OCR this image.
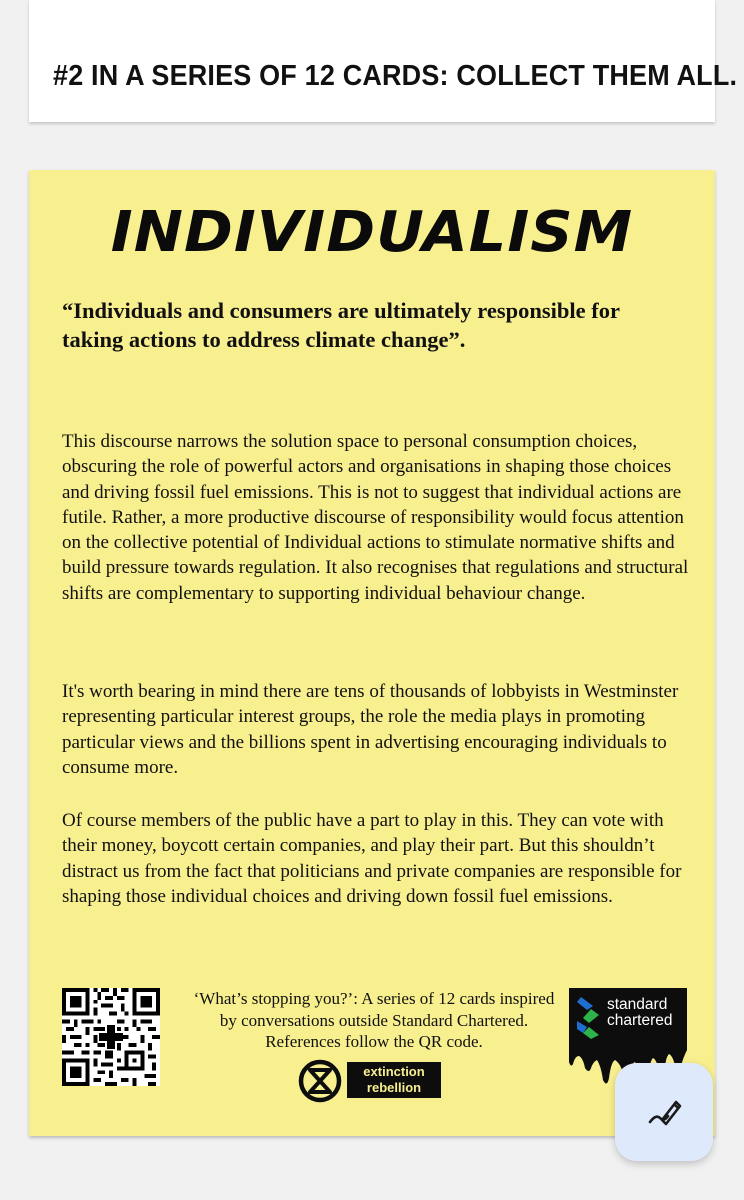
#2 IN A SERIES OF 12 CARDS: COLLECT THEM ALL.
INDIVIDUALISM
“Individuals and consumers are ultimately responsible for taking actions to address climate change”.
This discourse narrows the solution space to personal consumption choices, obscuring the role of powerful actors and organisations in shaping those choices and driving fossil fuel emissions. This is not to suggest that individual actions are futile. Rather, a more productive discourse of responsibility would focus attention on the collective potential of Individual actions to stimulate normative shifts and build pressure towards regulation. It also recognises that regulations and structural shifts are complementary to supporting individual behaviour change.
It's worth bearing in mind there are tens of thousands of lobbyists in Westminster representing particular interest groups, the role the media plays in promoting particular views and the billions spent in advertising encouraging individuals to consume more.
Of course members of the public have a part to play in this. They can vote with their money, boycott certain companies, and play their part. But this shouldn’t distract us from the fact that politicians and private companies are responsible for shaping those individual choices and driving down fossil fuel emissions.
‘What’s stopping you?’: A series of 12 cards inspired by conversations outside Standard Chartered. References follow the QR code.
extinction
rebellion
standard
chartered
